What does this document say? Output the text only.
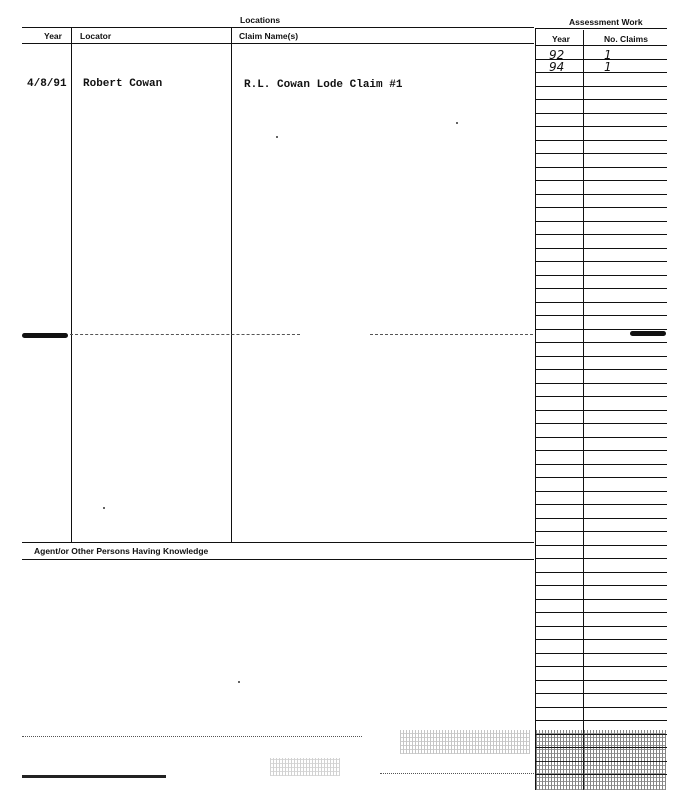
Locations	Assessment Work
Year Locator	Claim Name(s)	Year	No. Claims
4/8/91 Robert Cowan	R.L. Cowan Lode Claim #1
92	1
94	1
Agent/or Other Persons Having Knowledge
